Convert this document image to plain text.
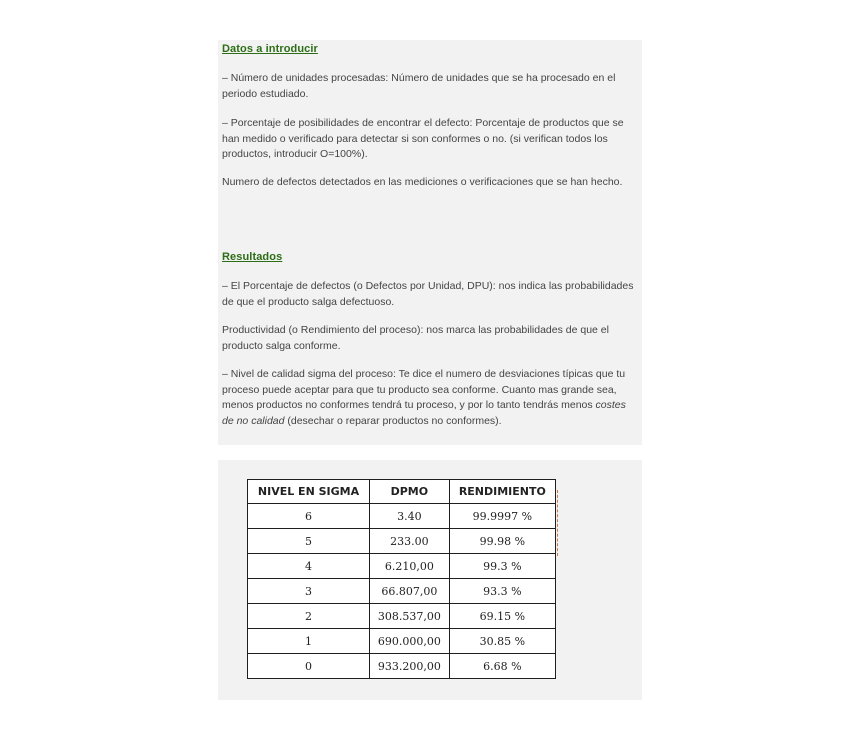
Datos a introducir
– Número de unidades procesadas: Número de unidades que se ha procesado en el periodo estudiado.
– Porcentaje de posibilidades de encontrar el defecto: Porcentaje de productos que se han medido o verificado para detectar si son conformes o no. (si verifican todos los productos, introducir O=100%).
Numero de defectos detectados en las mediciones o verificaciones que se han hecho.
Resultados
– El Porcentaje de defectos (o Defectos por Unidad, DPU): nos indica las probabilidades de que el producto salga defectuoso.
Productividad (o Rendimiento del proceso): nos marca las probabilidades de que el producto salga conforme.
– Nivel de calidad sigma del proceso: Te dice el numero de desviaciones típicas que tu proceso puede aceptar para que tu producto sea conforme. Cuanto mas grande sea, menos productos no conformes tendrá tu proceso, y por lo tanto tendrás menos costes de no calidad (desechar o reparar productos no conformes).
NIVEL EN SIGMA	DPMO	RENDIMIENTO
6	3.40	99.9997 %
5	233.00	99.98 %
4	6.210,00	99.3 %
3	66.807,00	93.3 %
2	308.537,00	69.15 %
1	690.000,00	30.85 %
0	933.200,00	6.68 %
